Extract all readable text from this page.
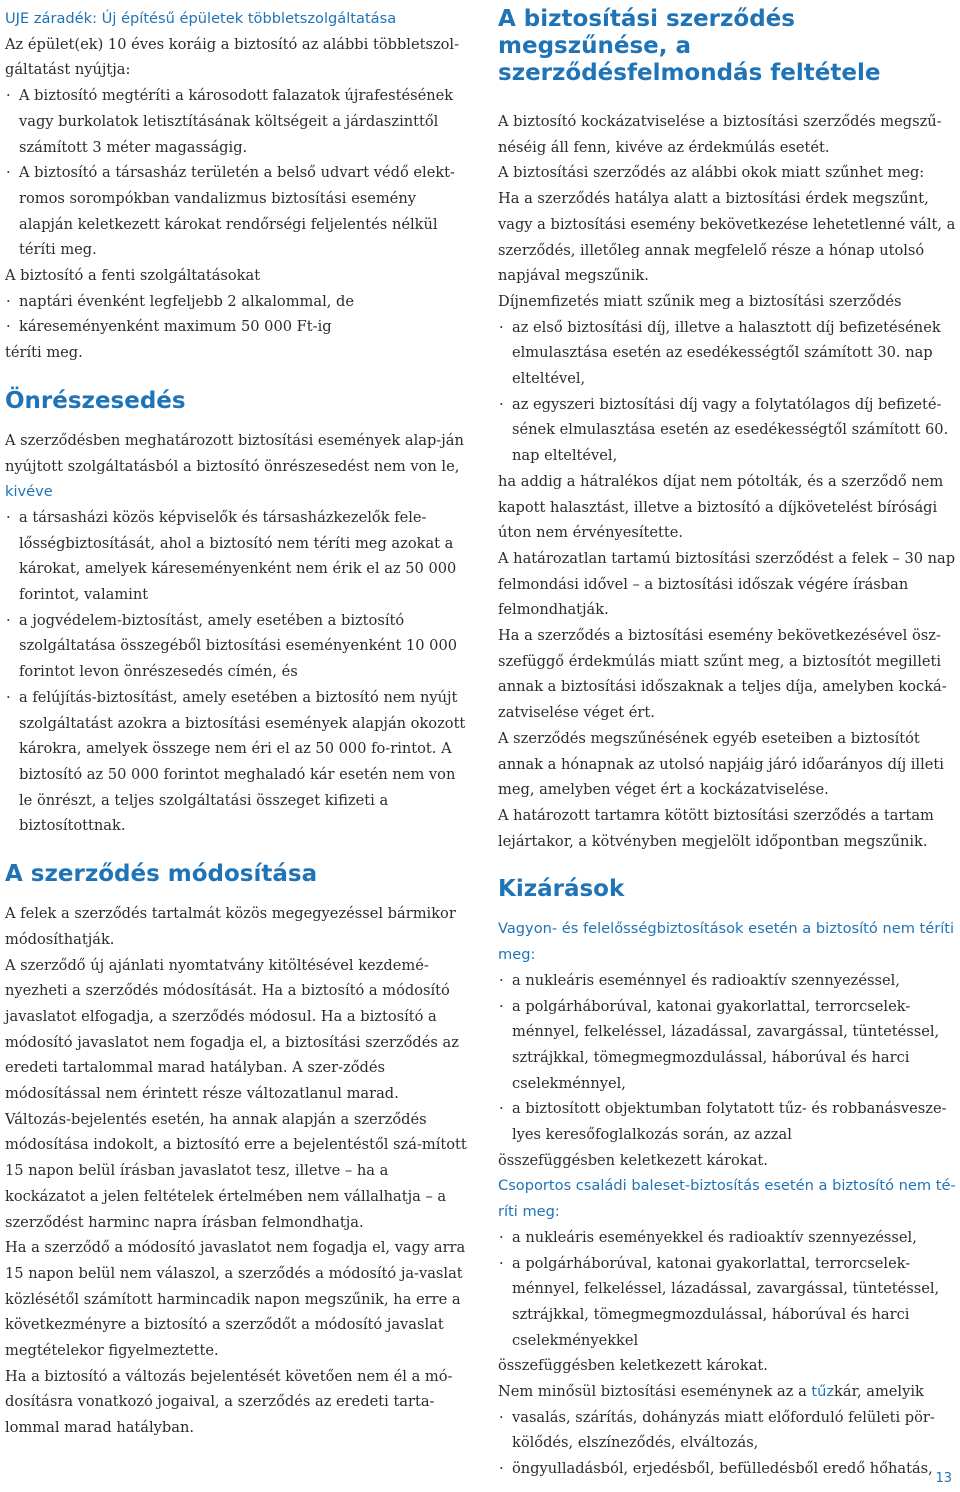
UJE záradék: Új építésű épületek többletszolgáltatása

Az épület(ek) 10 éves koráig a biztosító az alábbi többletszol-gáltatást nyújtja:

· A biztosító megtéríti a károsodott falazatok újrafestésének vagy burkolatok letisztításának költségeit a járdaszinttől számított 3 méter magasságig.

· A biztosító a társasház területén a belső udvart védő elekt-romos sorompókban vandalizmus biztosítási esemény alapján keletkezett károkat rendőrségi feljelentés nélkül téríti meg.

A biztosító a fenti szolgáltatásokat

· naptári évenként legfeljebb 2 alkalommal, de

· káreseményenként maximum 50 000 Ft-ig

téríti meg.

Önrészesedés

A szerződésben meghatározott biztosítási események alap-ján nyújtott szolgáltatásból a biztosító önrészesedést nem von le, kivéve

· a társasházi közös képviselők és társasházkezelők fele-lősségbiztosítását, ahol a biztosító nem téríti meg azokat a károkat, amelyek káreseményenként nem érik el az 50 000 forintot, valamint

· a jogvédelem-biztosítást, amely esetében a biztosító szolgáltatása összegéből biztosítási eseményenként 10 000 forintot levon önrészesedés címén, és

· a felújítás-biztosítást, amely esetében a biztosító nem nyújt szolgáltatást azokra a biztosítási események alapján okozott károkra, amelyek összege nem éri el az 50 000 fo-rintot. A biztosító az 50 000 forintot meghaladó kár esetén nem von le önrészt, a teljes szolgáltatási összeget kifizeti a biztosítottnak.

A szerződés módosítása

A felek a szerződés tartalmát közös megegyezéssel bármikor módosíthatják.

A szerződő új ajánlati nyomtatvány kitöltésével kezdemé-nyezheti a szerződés módosítását. Ha a biztosító a módosító javaslatot elfogadja, a szerződés módosul. Ha a biztosító a módosító javaslatot nem fogadja el, a biztosítási szerződés az eredeti tartalommal marad hatályban. A szer-ződés módosítással nem érintett része változatlanul marad. Változás-bejelentés esetén, ha annak alapján a szerződés módosítása indokolt, a biztosító erre a bejelentéstől szá-mított 15 napon belül írásban javaslatot tesz, illetve – ha a kockázatot a jelen feltételek értelmében nem vállalhatja – a szerződést harminc napra írásban felmondhatja.

Ha a szerződő a módosító javaslatot nem fogadja el, vagy arra 15 napon belül nem válaszol, a szerződés a módosító ja-vaslat közlésétől számított harmincadik napon megszűnik, ha erre a következményre a biztosító a szerződőt a módosító javaslat megtételekor figyelmeztette.

Ha a biztosító a változás bejelentését követően nem él a mó-dosításra vonatkozó jogaival, a szerződés az eredeti tarta-lommal marad hatályban.

A biztosítási szerződés megszűnése, a szerződésfelmondás feltétele

A biztosító kockázatviselése a biztosítási szerződés megszű-néséig áll fenn, kivéve az érdekmúlás esetét.

A biztosítási szerződés az alábbi okok miatt szűnhet meg:

Ha a szerződés hatálya alatt a biztosítási érdek megszűnt, vagy a biztosítási esemény bekövetkezése lehetetlenné vált, a szerződés, illetőleg annak megfelelő része a hónap utolsó napjával megszűnik.

Díjnemfizetés miatt szűnik meg a biztosítási szerződés

· az első biztosítási díj, illetve a halasztott díj befizetésének elmulasztása esetén az esedékességtől számított 30. nap elteltével,

· az egyszeri biztosítási díj vagy a folytatólagos díj befizeté-sének elmulasztása esetén az esedékességtől számított 60. nap elteltével,

ha addig a hátralékos díjat nem pótolták, és a szerződő nem kapott halasztást, illetve a biztosító a díjkövetelést bírósági úton nem érvényesítette.

A határozatlan tartamú biztosítási szerződést a felek – 30 nap felmondási idővel – a biztosítási időszak végére írásban felmondhatják.

Ha a szerződés a biztosítási esemény bekövetkezésével ösz-szefüggő érdekmúlás miatt szűnt meg, a biztosítót megilleti annak a biztosítási időszaknak a teljes díja, amelyben kocká-zatviselése véget ért.

A szerződés megszűnésének egyéb eseteiben a biztosítót annak a hónapnak az utolsó napjáig járó időarányos díj illeti meg, amelyben véget ért a kockázatviselése.

A határozott tartamra kötött biztosítási szerződés a tartam lejártakor, a kötvényben megjelölt időpontban megszűnik.

Kizárások

Vagyon- és felelősségbiztosítások esetén a biztosító nem téríti meg:

· a nukleáris eseménnyel és radioaktív szennyezéssel,

· a polgárháborúval, katonai gyakorlattal, terrorcselek-ménnyel, felkeléssel, lázadással, zavargással, tüntetéssel, sztrájkkal, tömegmegmozdulással, háborúval és harci cselekménnyel,

· a biztosított objektumban folytatott tűz- és robbanásvesze-lyes keresőfoglalkozás során, az azzal

összefüggésben keletkezett károkat.

Csoportos családi baleset-biztosítás esetén a biztosító nem té-ríti meg:

· a nukleáris eseményekkel és radioaktív szennyezéssel,

· a polgárháborúval, katonai gyakorlattal, terrorcselek-ménnyel, felkeléssel, lázadással, zavargással, tüntetéssel, sztrájkkal, tömegmegmozdulással, háborúval és harci cselekményekkel

összefüggésben keletkezett károkat.

Nem minősül biztosítási eseménynek az a tűzkár, amelyik

· vasalás, szárítás, dohányzás miatt előforduló felületi pör-kölődés, elszíneződés, elváltozás,

· öngyulladásból, erjedésből, befülledésből eredő hőhatás,

13
